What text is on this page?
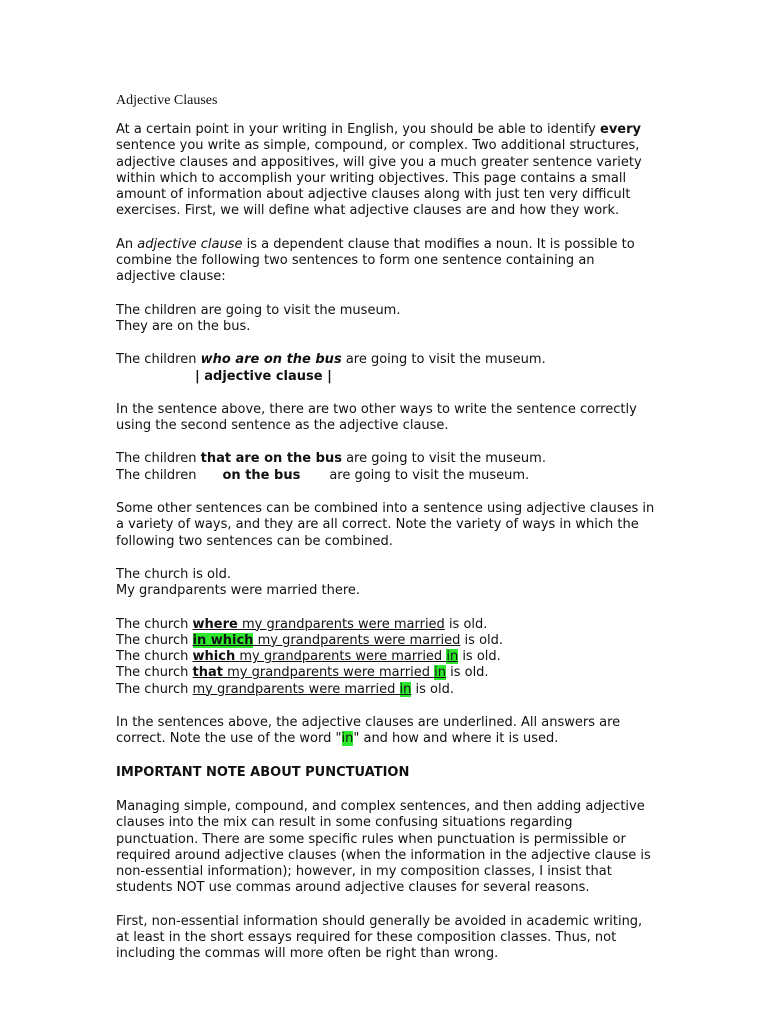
Adjective Clauses

At a certain point in your writing in English, you should be able to identify every sentence you write as simple, compound, or complex. Two additional structures, adjective clauses and appositives, will give you a much greater sentence variety within which to accomplish your writing objectives. This page contains a small amount of information about adjective clauses along with just ten very difficult exercises. First, we will define what adjective clauses are and how they work.

An adjective clause is a dependent clause that modifies a noun. It is possible to combine the following two sentences to form one sentence containing an adjective clause:

The children are going to visit the museum.
They are on the bus.

The children who are on the bus are going to visit the museum.
| adjective clause |

In the sentence above, there are two other ways to write the sentence correctly using the second sentence as the adjective clause.

The children that are on the bus are going to visit the museum.
The children on the bus are going to visit the museum.

Some other sentences can be combined into a sentence using adjective clauses in a variety of ways, and they are all correct. Note the variety of ways in which the following two sentences can be combined.

The church is old.
My grandparents were married there.

The church where my grandparents were married is old.
The church in which my grandparents were married is old.
The church which my grandparents were married in is old.
The church that my grandparents were married in is old.
The church my grandparents were married in is old.

In the sentences above, the adjective clauses are underlined. All answers are correct. Note the use of the word "in" and how and where it is used.

IMPORTANT NOTE ABOUT PUNCTUATION

Managing simple, compound, and complex sentences, and then adding adjective clauses into the mix can result in some confusing situations regarding punctuation. There are some specific rules when punctuation is permissible or required around adjective clauses (when the information in the adjective clause is non-essential information); however, in my composition classes, I insist that students NOT use commas around adjective clauses for several reasons.

First, non-essential information should generally be avoided in academic writing, at least in the short essays required for these composition classes. Thus, not including the commas will more often be right than wrong.
